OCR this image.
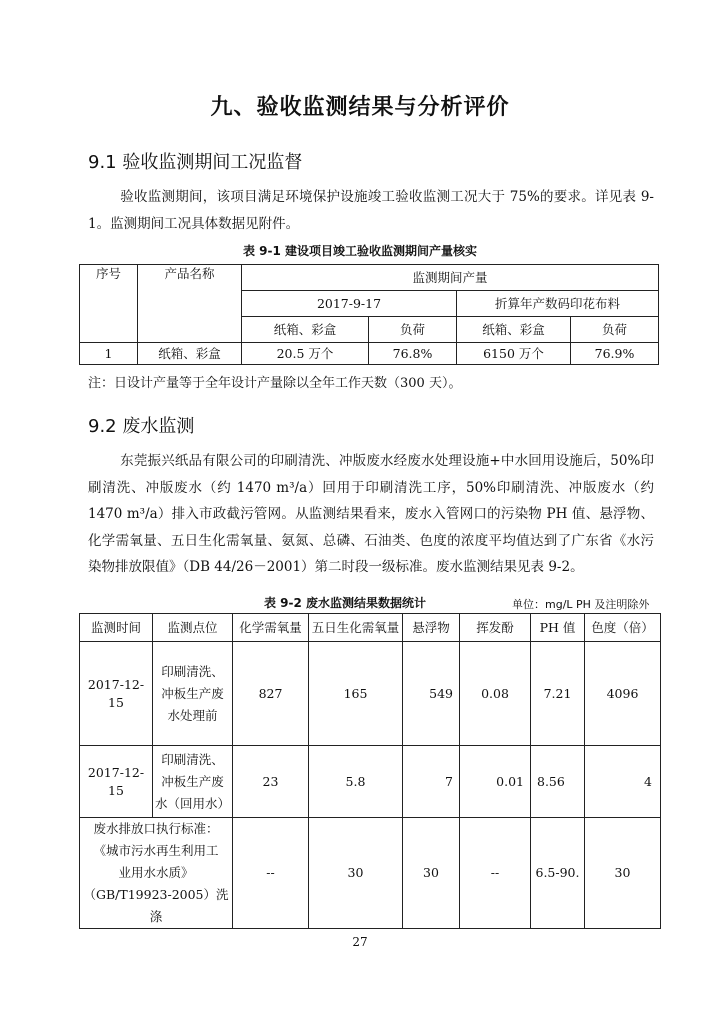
九、验收监测结果与分析评价
9.1 验收监测期间工况监督

验收监测期间，该项目满足环境保护设施竣工验收监测工况大于 75%的要求。详见表 9-1。监测期间工况具体数据见附件。

表 9-1 建设项目竣工验收监测期间产量核实
序号	产品名称	监测期间产量			
		2017-9-17		折算年产数码印花布料	
		纸箱、彩盒	负荷	纸箱、彩盒	负荷
1	纸箱、彩盒	20.5 万个	76.8%	6150 万个	76.9%

注：日设计产量等于全年设计产量除以全年工作天数（300 天）。

9.2 废水监测

东莞振兴纸品有限公司的印刷清洗、冲版废水经废水处理设施+中水回用设施后，50%印刷清洗、冲版废水（约 1470 m³/a）回用于印刷清洗工序，50%印刷清洗、冲版废水（约 1470 m³/a）排入市政截污管网。从监测结果看来，废水入管网口的污染物 PH 值、悬浮物、化学需氧量、五日生化需氧量、氨氮、总磷、石油类、色度的浓度平均值达到了广东省《水污染物排放限值》（DB 44/26－2001）第二时段一级标准。废水监测结果见表 9-2。

表 9-2 废水监测结果数据统计	单位：mg/L PH 及注明除外
监测时间	监测点位	化学需氧量	五日生化需氧量	悬浮物	挥发酚	PH 值	色度（倍）
2017-12-15	印刷清洗、
冲板生产废
水处理前	827	165	549	0.08	7.21	4096
2017-12-15	印刷清洗、
冲板生产废
水（回用水）	23	5.8	7	0.01	8.56	4

废水排放口执行标准：
《城市污水再生利用工
业用水水质》
（GB/T19923-2005）洗涤		--	30	30	--	6.5-90.	30
27
